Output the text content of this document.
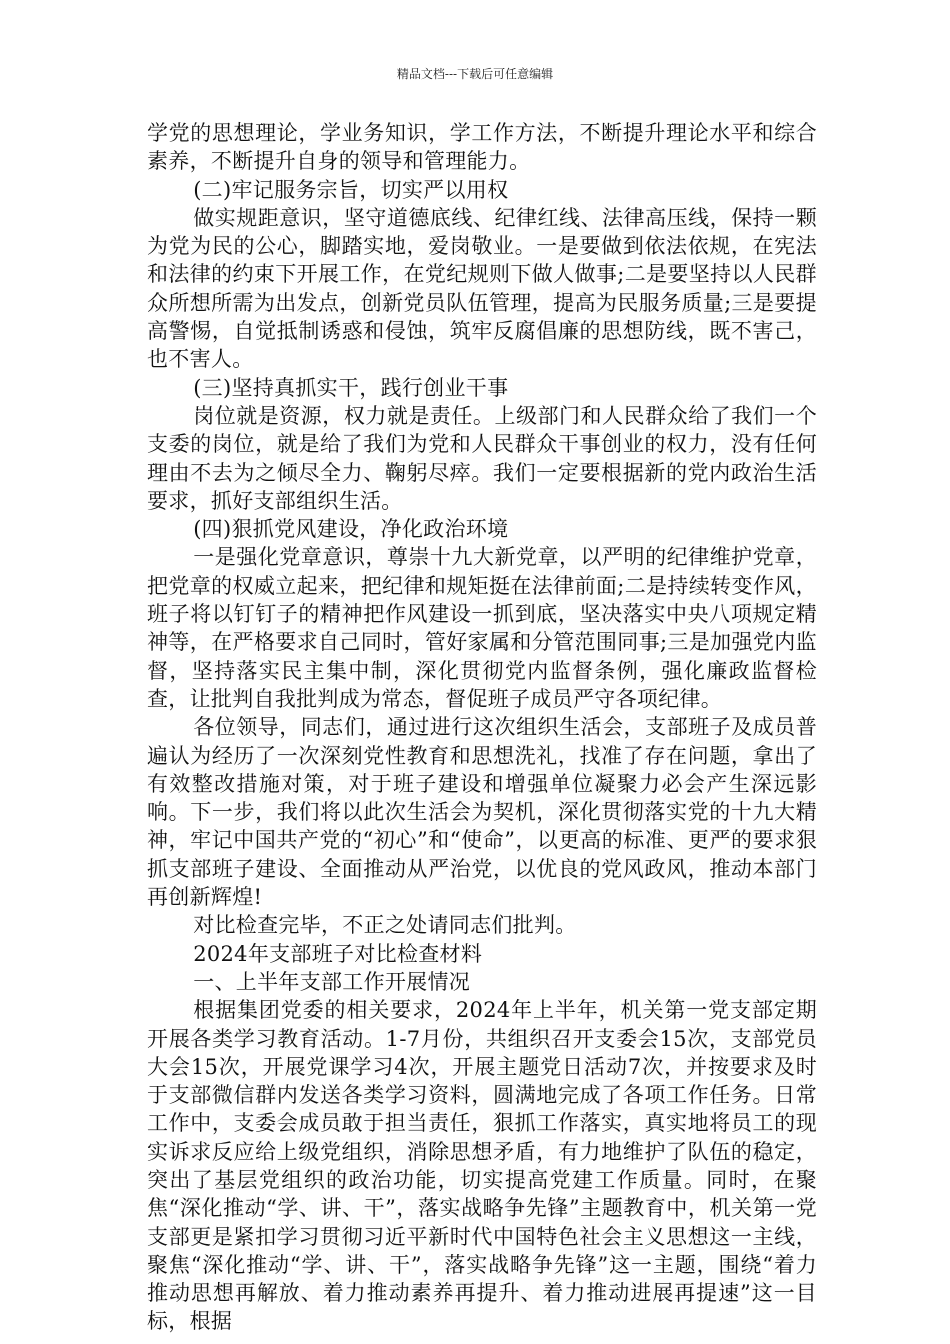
精品文档---下载后可任意编辑

学党的思想理论，学业务知识，学工作方法，不断提升理论水平和综合素养，不断提升自身的领导和管理能力。

(二)牢记服务宗旨，切实严以用权

做实规距意识，坚守道德底线、纪律红线、法律高压线，保持一颗为党为民的公心，脚踏实地，爱岗敬业。一是要做到依法依规，在宪法和法律的约束下开展工作，在党纪规则下做人做事;二是要坚持以人民群众所想所需为出发点，创新党员队伍管理，提高为民服务质量;三是要提高警惕，自觉抵制诱惑和侵蚀，筑牢反腐倡廉的思想防线，既不害己，也不害人。

(三)坚持真抓实干，践行创业干事

岗位就是资源，权力就是责任。上级部门和人民群众给了我们一个支委的岗位，就是给了我们为党和人民群众干事创业的权力，没有任何理由不去为之倾尽全力、鞠躬尽瘁。我们一定要根据新的党内政治生活要求，抓好支部组织生活。

(四)狠抓党风建设，净化政治环境

一是强化党章意识，尊崇十九大新党章，以严明的纪律维护党章，把党章的权威立起来，把纪律和规矩挺在法律前面;二是持续转变作风，班子将以钉钉子的精神把作风建设一抓到底，坚决落实中央八项规定精神等，在严格要求自己同时，管好家属和分管范围同事;三是加强党内监督，坚持落实民主集中制，深化贯彻党内监督条例，强化廉政监督检查，让批判自我批判成为常态，督促班子成员严守各项纪律。

各位领导，同志们，通过进行这次组织生活会，支部班子及成员普遍认为经历了一次深刻党性教育和思想洗礼，找准了存在问题，拿出了有效整改措施对策，对于班子建设和增强单位凝聚力必会产生深远影响。下一步，我们将以此次生活会为契机，深化贯彻落实党的十九大精神，牢记中国共产党的“初心”和“使命”，以更高的标准、更严的要求狠抓支部班子建设、全面推动从严治党，以优良的党风政风，推动本部门再创新辉煌!

对比检查完毕，不正之处请同志们批判。

2024年支部班子对比检查材料

一、上半年支部工作开展情况

根据集团党委的相关要求，2024年上半年，机关第一党支部定期开展各类学习教育活动。1-7月份，共组织召开支委会15次，支部党员大会15次，开展党课学习4次，开展主题党日活动7次，并按要求及时于支部微信群内发送各类学习资料，圆满地完成了各项工作任务。日常工作中，支委会成员敢于担当责任，狠抓工作落实，真实地将员工的现实诉求反应给上级党组织，消除思想矛盾，有力地维护了队伍的稳定，突出了基层党组织的政治功能，切实提高党建工作质量。同时，在聚焦“深化推动“学、讲、干”，落实战略争先锋”主题教育中，机关第一党支部更是紧扣学习贯彻习近平新时代中国特色社会主义思想这一主线，聚焦“深化推动“学、讲、干”，落实战略争先锋”这一主题，围绕“着力推动思想再解放、着力推动素养再提升、着力推动进展再提速”这一目标，根据
